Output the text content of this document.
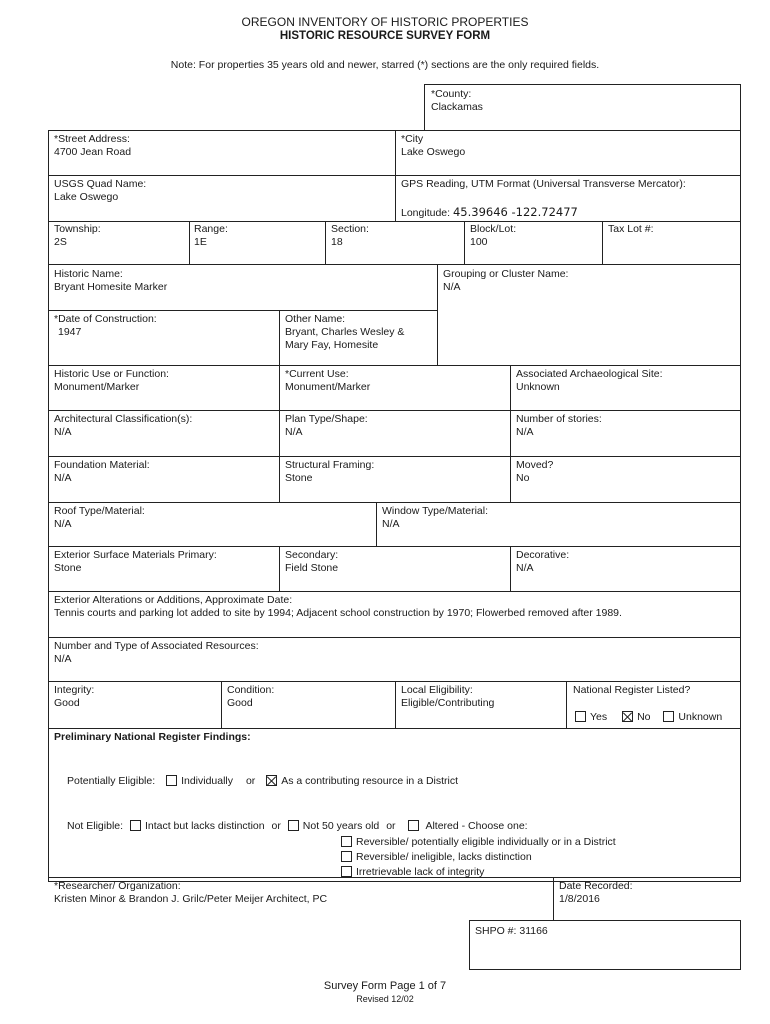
OREGON INVENTORY OF HISTORIC PROPERTIES
HISTORIC RESOURCE SURVEY FORM
Note: For properties 35 years old and newer, starred (*) sections are the only required fields.
*County:
Clackamas
*Street Address:
4700 Jean Road
*City
Lake Oswego
USGS Quad Name:
Lake Oswego
GPS Reading, UTM Format (Universal Transverse Mercator):
Longitude: 45.39646 -122.72477
Township:
2S
Range:
1E
Section:
18
Block/Lot:
100
Tax Lot #:
Historic Name:
Bryant Homesite Marker
Grouping or Cluster Name:
N/A
*Date of Construction:
1947
Other Name:
Bryant, Charles Wesley &
Mary Fay, Homesite
Historic Use or Function:
Monument/Marker
*Current Use:
Monument/Marker
Associated Archaeological Site:
Unknown
Architectural Classification(s):
N/A
Plan Type/Shape:
N/A
Number of stories:
N/A
Foundation Material:
N/A
Structural Framing:
Stone
Moved?
No
Roof Type/Material:
N/A
Window Type/Material:
N/A
Exterior Surface Materials Primary:
Stone
Secondary:
Field Stone
Decorative:
N/A
Exterior Alterations or Additions, Approximate Date:
Tennis courts and parking lot added to site by 1994; Adjacent school construction by 1970; Flowerbed removed after 1989.
Number and Type of Associated Resources:
N/A
Integrity:
Good
Condition:
Good
Local Eligibility:
Eligible/Contributing
National Register Listed?
Yes	No	Unknown
Preliminary National Register Findings:
Potentially Eligible: Individually or As a contributing resource in a District
Not Eligible: Intact but lacks distinction or Not 50 years old or	Altered - Choose one:
Reversible/ potentially eligible individually or in a District
Reversible/ ineligible, lacks distinction
Irretrievable lack of integrity
*Researcher/ Organization:
Kristen Minor & Brandon J. Grilc/Peter Meijer Architect, PC
Date Recorded:
1/8/2016
SHPO #: 31166
Survey Form Page 1 of 7
Revised 12/02
